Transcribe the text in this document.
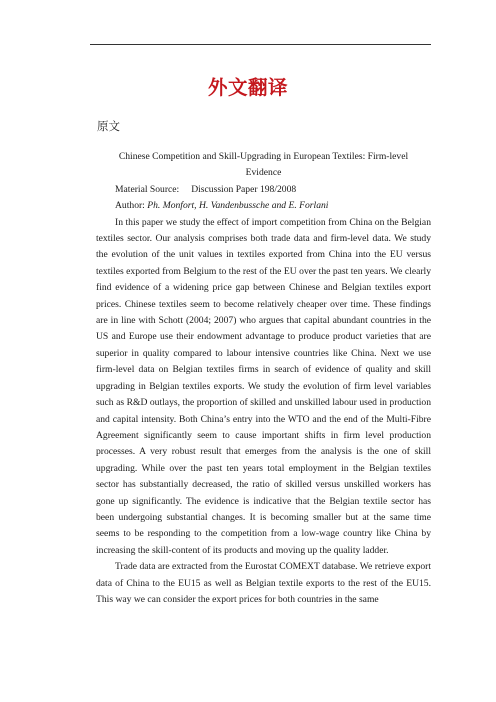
外文翻译
原文
Chinese Competition and Skill-Upgrading in European Textiles: Firm-level
Evidence
Material Source: Discussion Paper 198/2008
Author: Ph. Monfort, H. Vandenbussche and E. Forlani

In this paper we study the effect of import competition from China on the Belgian textiles sector. Our analysis comprises both trade data and firm-level data. We study the evolution of the unit values in textiles exported from China into the EU versus textiles exported from Belgium to the rest of the EU over the past ten years. We clearly find evidence of a widening price gap between Chinese and Belgian textiles export prices. Chinese textiles seem to become relatively cheaper over time. These findings are in line with Schott (2004; 2007) who argues that capital abundant countries in the US and Europe use their endowment advantage to produce product varieties that are superior in quality compared to labour intensive countries like China. Next we use firm-level data on Belgian textiles firms in search of evidence of quality and skill upgrading in Belgian textiles exports. We study the evolution of firm level variables such as R&D outlays, the proportion of skilled and unskilled labour used in production and capital intensity. Both China’s entry into the WTO and the end of the Multi-Fibre Agreement significantly seem to cause important shifts in firm level production processes. A very robust result that emerges from the analysis is the one of skill upgrading. While over the past ten years total employment in the Belgian textiles sector has substantially decreased, the ratio of skilled versus unskilled workers has gone up significantly. The evidence is indicative that the Belgian textile sector has been undergoing substantial changes. It is becoming smaller but at the same time seems to be responding to the competition from a low-wage country like China by increasing the skill-content of its products and moving up the quality ladder.

Trade data are extracted from the Eurostat COMEXT database. We retrieve export data of China to the EU15 as well as Belgian textile exports to the rest of the EU15. This way we can consider the export prices for both countries in the same
